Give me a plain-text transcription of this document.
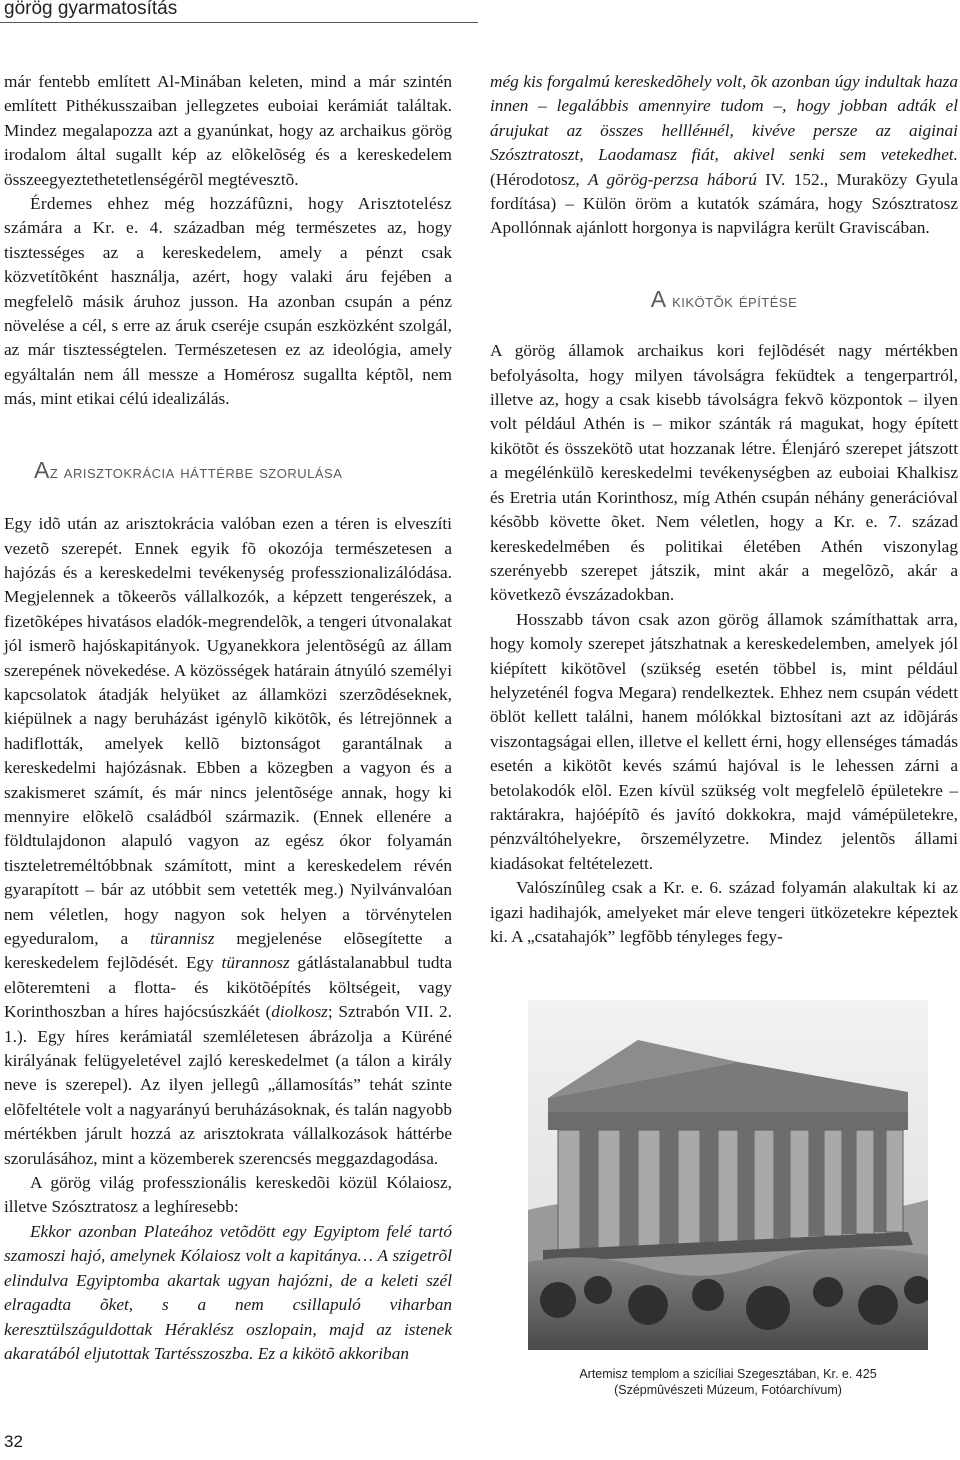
görög gyarmatosítás

már fentebb említett Al-Minában keleten, mind a már szintén említett Pithékusszaiban jellegzetes euboiai kerámiát találtak. Mindez megalapozza azt a gyanúnkat, hogy az archaikus görög irodalom által sugallt kép az elõkelõség és a kereskedelem összeegyeztethetetlenségérõl megtévesztõ.

Érdemes ehhez még hozzáfûzni, hogy Arisztotelész számára a Kr. e. 4. században még természetes az, hogy tisztességes az a kereskedelem, amely a pénzt csak közvetítõként használja, azért, hogy valaki áru fejében a megfelelõ másik áruhoz jusson. Ha azonban csupán a pénz növelése a cél, s erre az áruk cseréje csupán eszközként szolgál, az már tisztességtelen. Természetesen ez az ideológia, amely egyáltalán nem áll messze a Homérosz sugallta képtõl, nem más, mint etikai célú idealizálás.

Az arisztokrácia háttérbe szorulása

Egy idõ után az arisztokrácia valóban ezen a téren is elveszíti vezetõ szerepét. Ennek egyik fõ okozója természetesen a hajózás és a kereskedelmi tevékenység professzionalizálódása. Megjelennek a tõkeerõs vállalkozók, a képzett tengerészek, a fizetõképes hivatásos eladók-megrendelõk, a tengeri útvonalakat jól ismerõ hajóskapitányok. Ugyanekkora jelentõségû az állam szerepének növekedése. A közösségek határain átnyúló személyi kapcsolatok átadják helyüket az államközi szerzõdéseknek, kiépülnek a nagy beruházást igénylõ kikötõk, és létrejönnek a hadiflották, amelyek kellõ biztonságot garantálnak a kereskedelmi hajózásnak. Ebben a közegben a vagyon és a szakismeret számít, és már nincs jelentõsége annak, hogy ki mennyire elõkelõ családból származik. (Ennek ellenére a földtulajdonon alapuló vagyon az egész ókor folyamán tiszteletreméltóbbnak számított, mint a kereskedelem révén gyarapított – bár az utóbbit sem vetették meg.) Nyilvánvalóan nem véletlen, hogy nagyon sok helyen a törvénytelen egyeduralom, a türannisz megjelenése elõsegítette a kereskedelem fejlõdését. Egy türannosz gátlástalanabbul tudta elõteremteni a flotta- és kikötõépítés költségeit, vagy Korinthoszban a híres hajócsúszkáét (diolkosz; Sztrabón VII. 2. 1.). Egy híres kerámiatál szemléletesen ábrázolja a Küréné királyának felügyeletével zajló kereskedelmet (a tálon a király neve is szerepel). Az ilyen jellegû „államosítás” tehát szinte elõfeltétele volt a nagyarányú beruházásoknak, és talán nagyobb mértékben járult hozzá az arisztokrata vállalkozások háttérbe szorulásához, mint a közemberek szerencsés meggazdagodása.

A görög világ professzionális kereskedõi közül Kólaiosz, illetve Szósztratosz a leghíresebb:

Ekkor azonban Plateához vetõdött egy Egyiptom felé tartó szamoszi hajó, amelynek Kólaiosz volt a kapitánya… A szigetrõl elindulva Egyiptomba akartak ugyan hajózni, de a keleti szél elragadta õket, s a nem csillapuló viharban keresztülszáguldottak Héraklész oszlopain, majd az istenek akaratából eljutottak Tartésszoszba. Ez a kikötõ akkoriban

még kis forgalmú kereskedõhely volt, õk azonban úgy indultak haza innen – legalábbis amennyire tudom –, hogy jobban adták el árujukat az összes hellléннél, kivéve persze az aiginai Szósztratoszt, Laodamasz fiát, akivel senki sem vetekedhet. (Hérodotosz, A görög-perzsa háború IV. 152., Muraközy Gyula fordítása) – Külön öröm a kutatók számára, hogy Szósztratosz Apollónnak ajánlott horgonya is napvilágra került Graviscában.

A kikötõk építése

A görög államok archaikus kori fejlõdését nagy mértékben befolyásolta, hogy milyen távolságra feküdtek a tengerpartról, illetve az, hogy a csak kisebb távolságra fekvõ központok – ilyen volt például Athén is – mikor szánták rá magukat, hogy épített kikötõt és összekötõ utat hozzanak létre. Élenjáró szerepet játszott a megélénkülõ kereskedelmi tevékenységben az euboiai Khalkisz és Eretria után Korinthosz, míg Athén csupán néhány generációval késõbb követte õket. Nem véletlen, hogy a Kr. e. 7. század kereskedelmében és politikai életében Athén viszonylag szerényebb szerepet játszik, mint akár a megelõzõ, akár a következõ évszázadokban.

Hosszabb távon csak azon görög államok számíthattak arra, hogy komoly szerepet játszhatnak a kereskedelemben, amelyek jól kiépített kikötõvel (szükség esetén többel is, mint például helyzeténél fogva Megara) rendelkeztek. Ehhez nem csupán védett öblöt kellett találni, hanem mólókkal biztosítani azt az idõjárás viszontagságai ellen, illetve el kellett érni, hogy ellenséges támadás esetén a kikötõt kevés számú hajóval is le lehessen zárni a betolakodók elõl. Ezen kívül szükség volt megfelelõ épületekre – raktárakra, hajóépítõ és javító dokkokra, majd vámépületekre, pénzváltóhelyekre, õrszemélyzetre. Mindez jelentõs állami kiadásokat feltételezett.

Valószínûleg csak a Kr. e. 6. század folyamán alakultak ki az igazi hadihajók, amelyeket már eleve tengeri ütközetekre képeztek ki. A „csatahajók” legfõbb tényleges fegy-

Artemisz templom a szicíliai Szegesztában, Kr. e. 425
(Szépmûvészeti Múzeum, Fotóarchívum)
32
